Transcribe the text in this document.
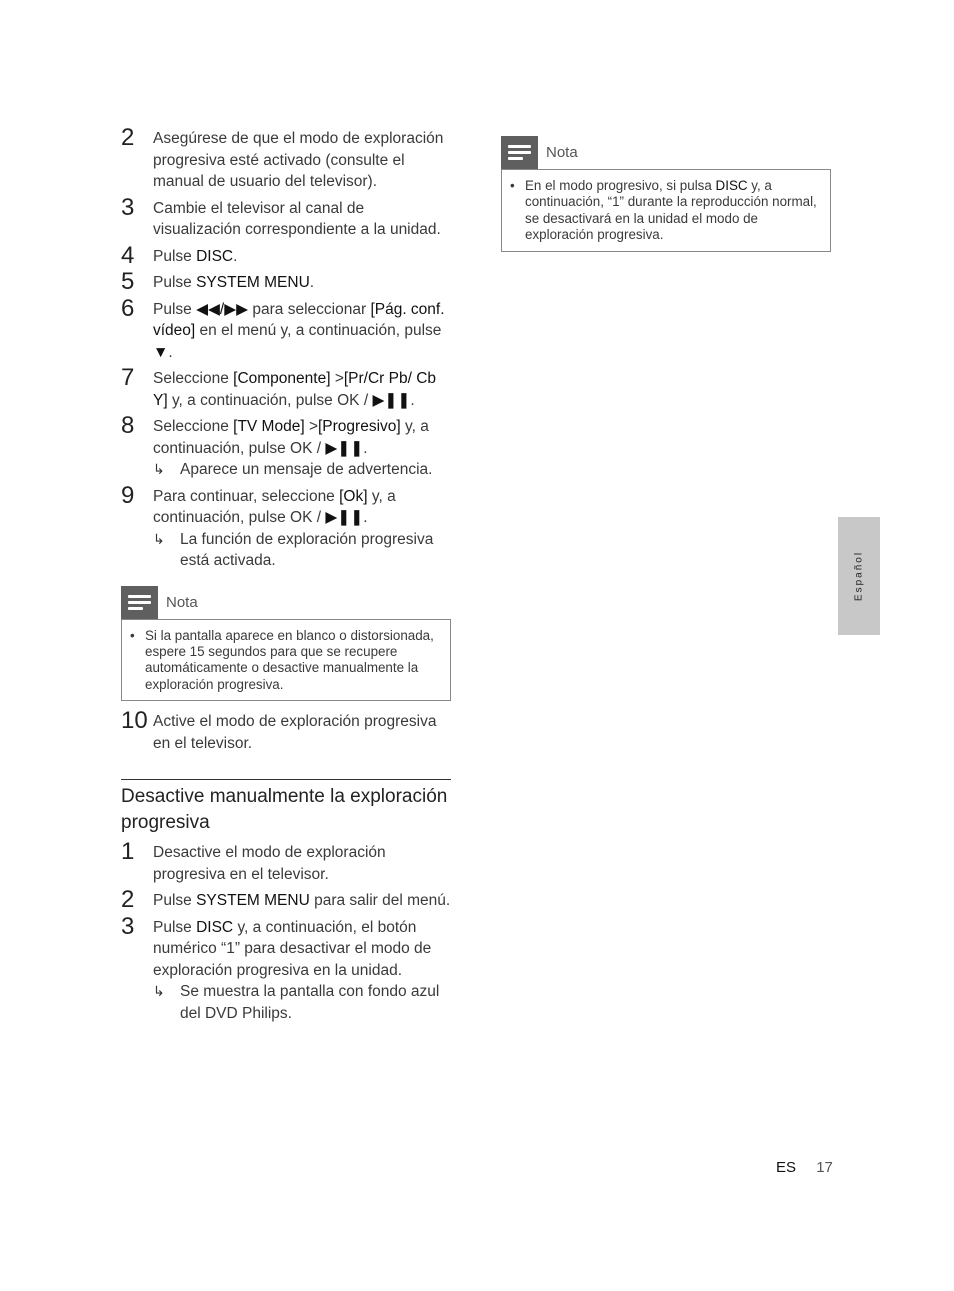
2 Asegúrese de que el modo de exploración progresiva esté activado (consulte el manual de usuario del televisor).
3 Cambie el televisor al canal de visualización correspondiente a la unidad.
4 Pulse DISC.
5 Pulse SYSTEM MENU.
6 Pulse ◀◀/▶▶ para seleccionar [Pág. conf. vídeo] en el menú y, a continuación, pulse ▼.
7 Seleccione [Componente] >[Pr/Cr Pb/ Cb Y] y, a continuación, pulse OK / ▶❚❚.
8 Seleccione [TV Mode] >[Progresivo] y, a continuación, pulse OK / ▶❚❚.
↳ Aparece un mensaje de advertencia.
9 Para continuar, seleccione [Ok] y, a continuación, pulse OK / ▶❚❚.
↳ La función de exploración progresiva está activada.
Nota
• Si la pantalla aparece en blanco o distorsionada, espere 15 segundos para que se recupere automáticamente o desactive manualmente la exploración progresiva.
10 Active el modo de exploración progresiva en el televisor.
Desactive manualmente la exploración progresiva
1 Desactive el modo de exploración progresiva en el televisor.
2 Pulse SYSTEM MENU para salir del menú.
3 Pulse DISC y, a continuación, el botón numérico “1” para desactivar el modo de exploración progresiva en la unidad.
↳ Se muestra la pantalla con fondo azul del DVD Philips.
Nota
• En el modo progresivo, si pulsa DISC y, a continuación, “1” durante la reproducción normal, se desactivará en la unidad el modo de exploración progresiva.
Español
ES 17
